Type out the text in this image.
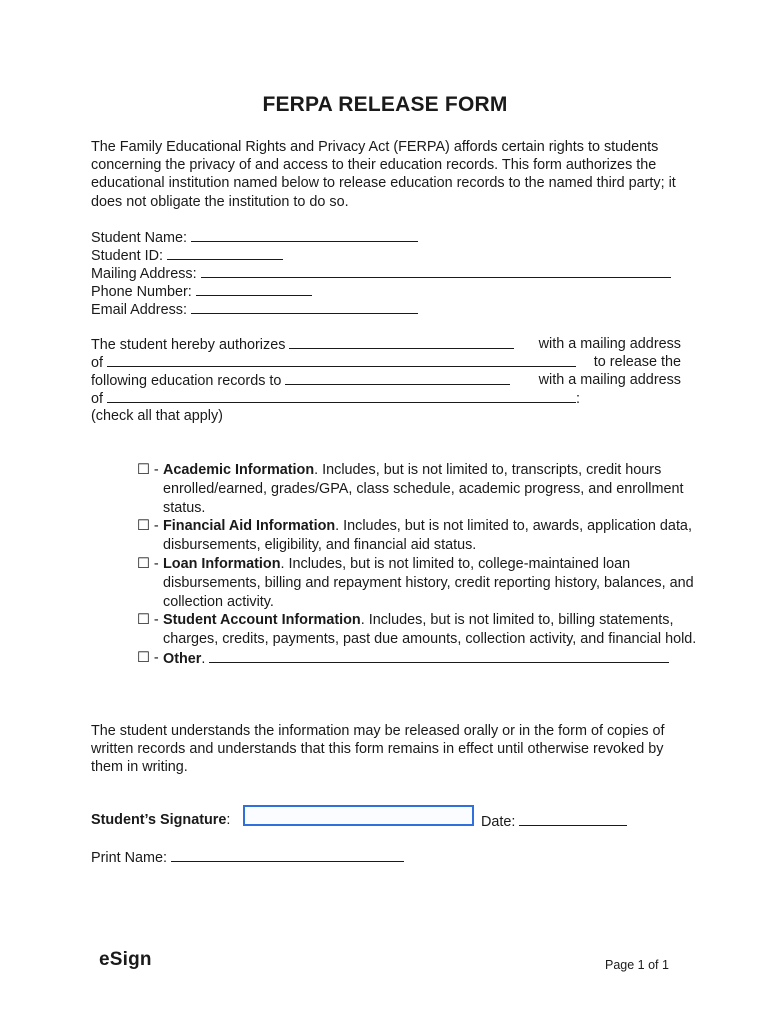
FERPA RELEASE FORM
The Family Educational Rights and Privacy Act (FERPA) affords certain rights to students concerning the privacy of and access to their education records. This form authorizes the educational institution named below to release education records to the named third party; it does not obligate the institution to do so.
Student Name:
Student ID:
Mailing Address:
Phone Number:
Email Address:
The student hereby authorizes	with a mailing address
of	to release the
following education records to	with a mailing address
of	:
(check all that apply)
☐ - Academic Information. Includes, but is not limited to, transcripts, credit hours enrolled/earned, grades/GPA, class schedule, academic progress, and enrollment status.
☐ - Financial Aid Information. Includes, but is not limited to, awards, application data, disbursements, eligibility, and financial aid status.
☐ - Loan Information. Includes, but is not limited to, college-maintained loan disbursements, billing and repayment history, credit reporting history, balances, and collection activity.
☐ - Student Account Information. Includes, but is not limited to, billing statements, charges, credits, payments, past due amounts, collection activity, and financial hold.
☐ - Other.
The student understands the information may be released orally or in the form of copies of written records and understands that this form remains in effect until otherwise revoked by them in writing.
Student’s Signature:	Date:
Print Name:
eSign	Page 1 of 1
